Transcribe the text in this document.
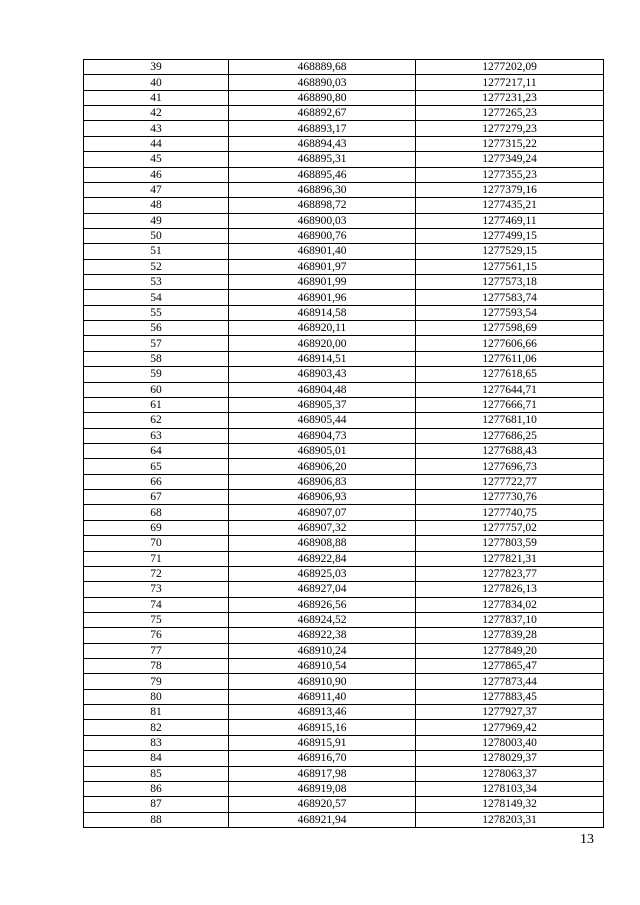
39	468889,68	1277202,09
40	468890,03	1277217,11
41	468890,80	1277231,23
42	468892,67	1277265,23
43	468893,17	1277279,23
44	468894,43	1277315,22
45	468895,31	1277349,24
46	468895,46	1277355,23
47	468896,30	1277379,16
48	468898,72	1277435,21
49	468900,03	1277469,11
50	468900,76	1277499,15
51	468901,40	1277529,15
52	468901,97	1277561,15
53	468901,99	1277573,18
54	468901,96	1277583,74
55	468914,58	1277593,54
56	468920,11	1277598,69
57	468920,00	1277606,66
58	468914,51	1277611,06
59	468903,43	1277618,65
60	468904,48	1277644,71
61	468905,37	1277666,71
62	468905,44	1277681,10
63	468904,73	1277686,25
64	468905,01	1277688,43
65	468906,20	1277696,73
66	468906,83	1277722,77
67	468906,93	1277730,76
68	468907,07	1277740,75
69	468907,32	1277757,02
70	468908,88	1277803,59
71	468922,84	1277821,31
72	468925,03	1277823,77
73	468927,04	1277826,13
74	468926,56	1277834,02
75	468924,52	1277837,10
76	468922,38	1277839,28
77	468910,24	1277849,20
78	468910,54	1277865,47
79	468910,90	1277873,44
80	468911,40	1277883,45
81	468913,46	1277927,37
82	468915,16	1277969,42
83	468915,91	1278003,40
84	468916,70	1278029,37
85	468917,98	1278063,37
86	468919,08	1278103,34
87	468920,57	1278149,32
88	468921,94	1278203,31
13
